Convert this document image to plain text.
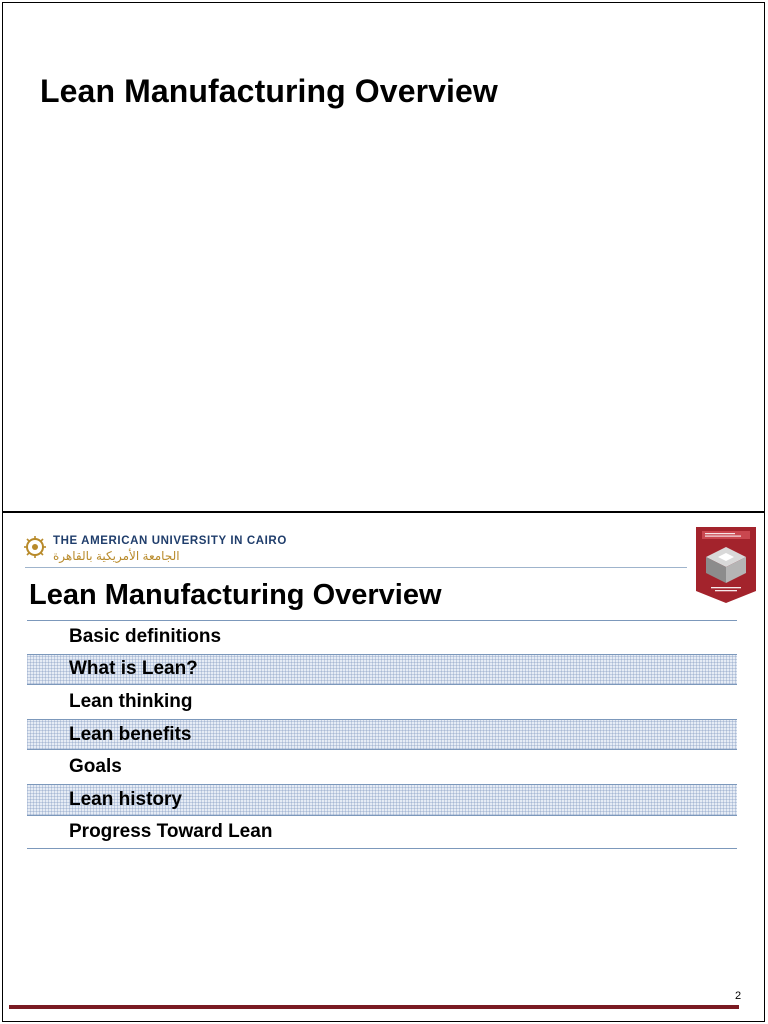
Lean Manufacturing Overview
THE AMERICAN UNIVERSITY IN CAIRO
الجامعة الأمريكية بالقاهرة
Lean Manufacturing Overview
Basic definitions
What is Lean?
Lean thinking
Lean benefits
Goals
Lean history
Progress Toward Lean
2
